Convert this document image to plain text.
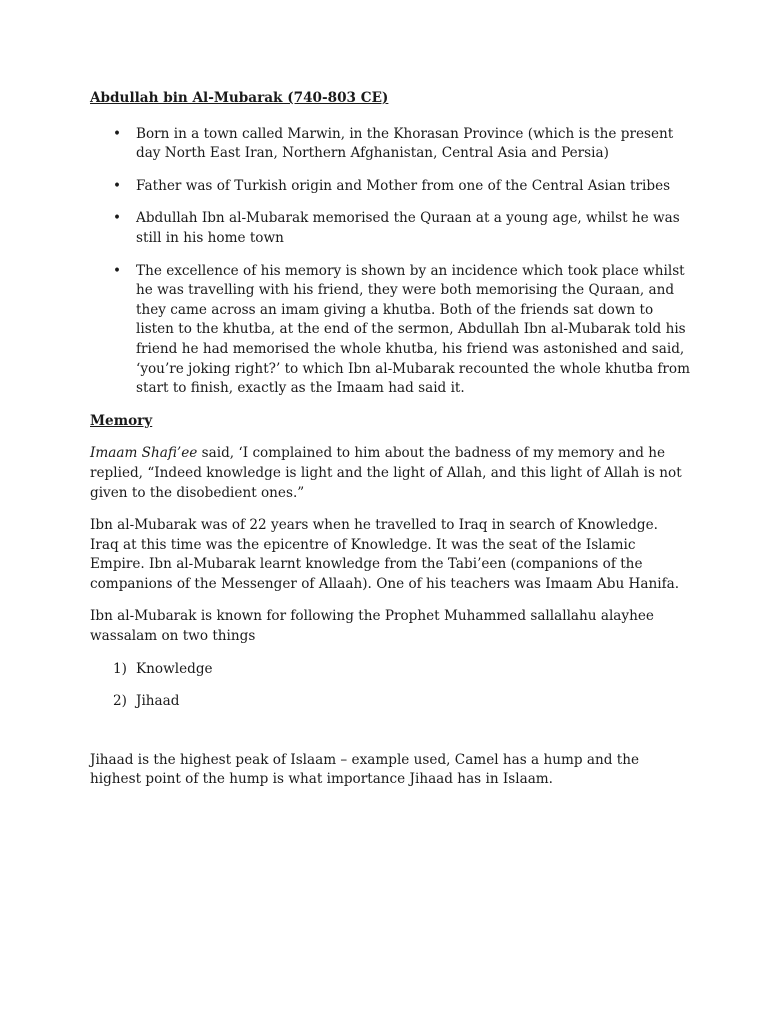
Abdullah bin Al-Mubarak (740-803 CE)

• Born in a town called Marwin, in the Khorasan Province (which is the present day North East Iran, Northern Afghanistan, Central Asia and Persia)
• Father was of Turkish origin and Mother from one of the Central Asian tribes
• Abdullah Ibn al-Mubarak memorised the Quraan at a young age, whilst he was still in his home town
• The excellence of his memory is shown by an incidence which took place whilst he was travelling with his friend, they were both memorising the Quraan, and they came across an imam giving a khutba. Both of the friends sat down to listen to the khutba, at the end of the sermon, Abdullah Ibn al-Mubarak told his friend he had memorised the whole khutba, his friend was astonished and said, ‘you’re joking right?’ to which Ibn al-Mubarak recounted the whole khutba from start to finish, exactly as the Imaam had said it.

Memory

Imaam Shafi’ee said, ‘I complained to him about the badness of my memory and he replied, “Indeed knowledge is light and the light of Allah, and this light of Allah is not given to the disobedient ones.”

Ibn al-Mubarak was of 22 years when he travelled to Iraq in search of Knowledge. Iraq at this time was the epicentre of Knowledge. It was the seat of the Islamic Empire. Ibn al-Mubarak learnt knowledge from the Tabi’een (companions of the companions of the Messenger of Allaah). One of his teachers was Imaam Abu Hanifa.

Ibn al-Mubarak is known for following the Prophet Muhammed sallallahu alayhee wassalam on two things

1) Knowledge
2) Jihaad

Jihaad is the highest peak of Islaam – example used, Camel has a hump and the highest point of the hump is what importance Jihaad has in Islaam.
